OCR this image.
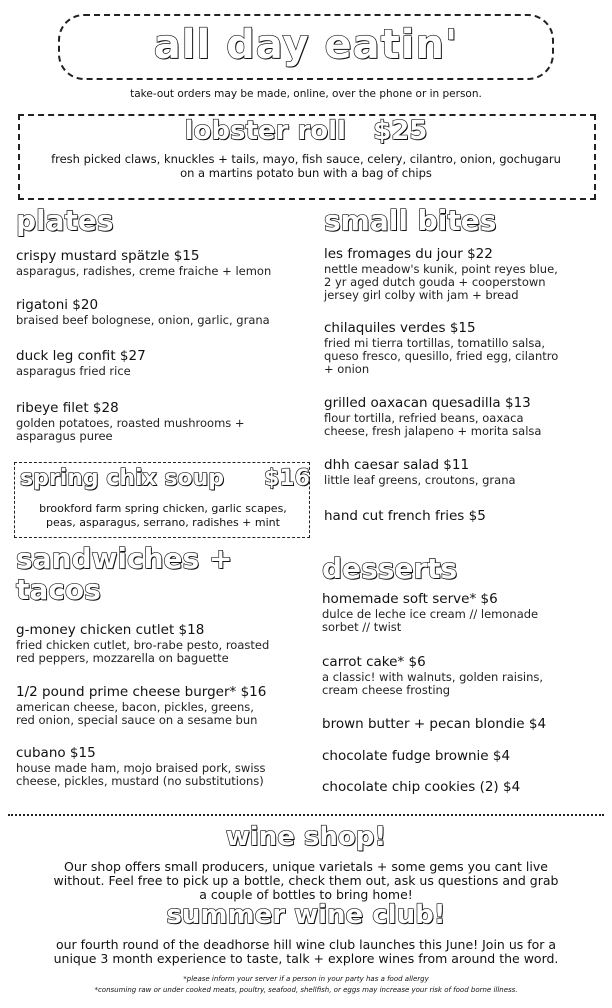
all day eatin'
take-out orders may be made, online, over the phone or in person.
lobster roll   $25
fresh picked claws, knuckles + tails, mayo, fish sauce, celery, cilantro, onion, gochugaru
on a martins potato bun with a bag of chips
plates
crispy mustard spätzle $15
asparagus, radishes, creme fraiche + lemon
rigatoni $20
braised beef bolognese, onion, garlic, grana
duck leg confit $27
asparagus fried rice
ribeye filet $28
golden potatoes, roasted mushrooms +
asparagus puree
spring chix soup $16
brookford farm spring chicken, garlic scapes,
peas, asparagus, serrano, radishes + mint
sandwiches +
tacos
g-money chicken cutlet $18
fried chicken cutlet, bro-rabe pesto, roasted
red peppers, mozzarella on baguette
1/2 pound prime cheese burger* $16
american cheese, bacon, pickles, greens,
red onion, special sauce on a sesame bun
cubano $15
house made ham, mojo braised pork, swiss
cheese, pickles, mustard (no substitutions)
small bites
les fromages du jour $22
nettle meadow's kunik, point reyes blue,
2 yr aged dutch gouda + cooperstown
jersey girl colby with jam + bread
chilaquiles verdes $15
fried mi tierra tortillas, tomatillo salsa,
queso fresco, quesillo, fried egg, cilantro
+ onion
grilled oaxacan quesadilla $13
flour tortilla, refried beans, oaxaca
cheese, fresh jalapeno + morita salsa
dhh caesar salad $11
little leaf greens, croutons, grana
hand cut french fries $5
desserts
homemade soft serve* $6
dulce de leche ice cream // lemonade
sorbet // twist
carrot cake* $6
a classic! with walnuts, golden raisins,
cream cheese frosting
brown butter + pecan blondie $4
chocolate fudge brownie $4
chocolate chip cookies (2) $4
wine shop!
Our shop offers small producers, unique varietals + some gems you cant live
without. Feel free to pick up a bottle, check them out, ask us questions and grab
a couple of bottles to bring home!
summer wine club!
our fourth round of the deadhorse hill wine club launches this June! Join us for a
unique 3 month experience to taste, talk + explore wines from around the word.
*please inform your server if a person in your party has a food allergy
*consuming raw or under cooked meats, poultry, seafood, shellfish, or eggs may increase your risk of food borne illness.
